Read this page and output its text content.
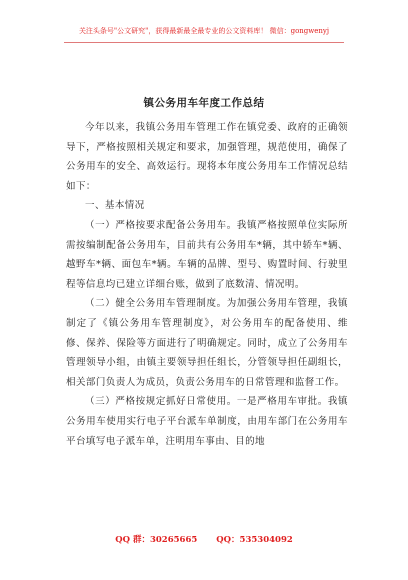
关注头条号"公文研究"，获得最新最全最专业的公文资料库！ 微信：gongwenyj
镇公务用车年度工作总结

今年以来，我镇公务用车管理工作在镇党委、政府的正确领导下，严格按照相关规定和要求，加强管理，规范使用，确保了公务用车的安全、高效运行。现将本年度公务用车工作情况总结如下：

一、基本情况

（一）严格按要求配备公务用车。我镇严格按照单位实际所需按编制配备公务用车，目前共有公务用车*辆，其中轿车*辆、越野车*辆、面包车*辆。车辆的品牌、型号、购置时间、行驶里程等信息均已建立详细台账，做到了底数清、情况明。

（二）健全公务用车管理制度。为加强公务用车管理，我镇制定了《镇公务用车管理制度》，对公务用车的配备使用、维修、保养、保险等方面进行了明确规定。同时，成立了公务用车管理领导小组，由镇主要领导担任组长，分管领导担任副组长，相关部门负责人为成员，负责公务用车的日常管理和监督工作。

（三）严格按规定抓好日常使用。一是严格用车审批。我镇公务用车使用实行电子平台派车单制度，由用车部门在公务用车平台填写电子派车单，注明用车事由、目的地

QQ 群：30265665 QQ：535304092
